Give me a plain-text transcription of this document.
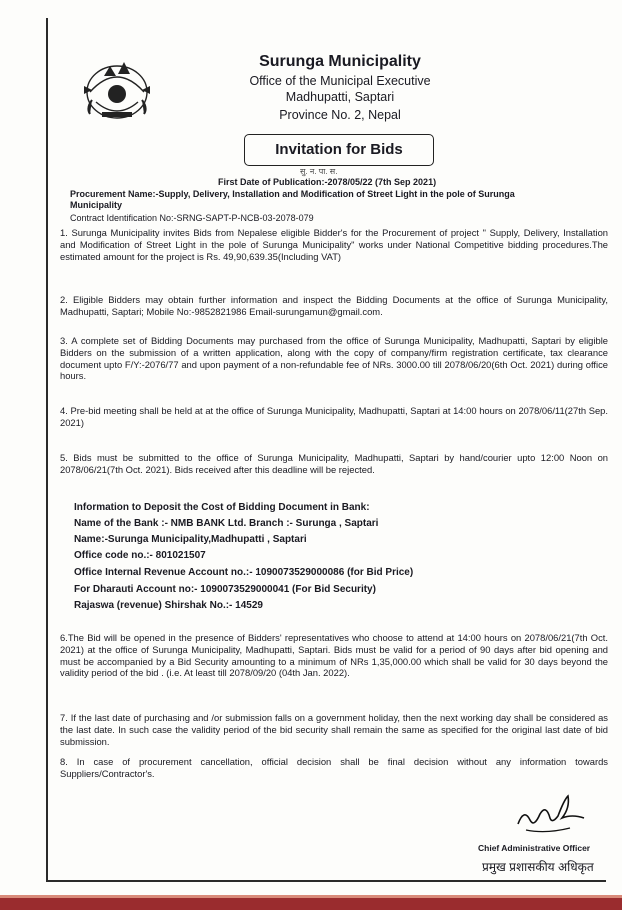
Surunga Municipality
Office of the Municipal Executive
Madhupatti, Saptari
Province No. 2, Nepal
Invitation for Bids
सु. न. पा. स.
First Date of Publication:-2078/05/22 (7th Sep 2021)
Procurement Name:-Supply, Delivery, Installation and Modification of Street Light in the pole of Surunga
Municipality
Contract Identification No:-SRNG-SAPT-P-NCB-03-2078-079
1. Surunga Municipality invites Bids from Nepalese eligible Bidder's for the Procurement of project " Supply, Delivery, Installation and Modification of Street Light in the pole of Surunga Municipality" works under National Competitive bidding procedures.The estimated amount for the project is Rs. 49,90,639.35(Including VAT)
2. Eligible Bidders may obtain further information and inspect the Bidding Documents at the office of Surunga Municipality, Madhupatti, Saptari; Mobile No:-9852821986 Email-surungamun@gmail.com.
3. A complete set of Bidding Documents may purchased from the office of Surunga Municipality, Madhupatti, Saptari by eligible Bidders on the submission of a written application, along with the copy of company/firm registration certificate, tax clearance document upto F/Y:-2076/77 and upon payment of a non-refundable fee of NRs. 3000.00 till 2078/06/20(6th Oct. 2021) during office hours.
4. Pre-bid meeting shall be held at at the office of Surunga Municipality, Madhupatti, Saptari at 14:00 hours on 2078/06/11(27th Sep. 2021)
5. Bids must be submitted to the office of Surunga Municipality, Madhupatti, Saptari by hand/courier upto 12:00 Noon on 2078/06/21(7th Oct. 2021). Bids received after this deadline will be rejected.
Information to Deposit the Cost of Bidding Document in Bank:
Name of the Bank :- NMB BANK Ltd. Branch :- Surunga , Saptari
Name:-Surunga Municipality,Madhupatti , Saptari
Office code no.:- 801021507
Office Internal Revenue Account no.:- 1090073529000086 (for Bid Price)
For Dharauti Account no:- 1090073529000041 (For Bid Security)
Rajaswa (revenue) Shirshak No.:- 14529
6.The Bid will be opened in the presence of Bidders' representatives who choose to attend at 14:00 hours on 2078/06/21(7th Oct. 2021) at the office of Surunga Municipality, Madhupatti, Saptari. Bids must be valid for a period of 90 days after bid opening and must be accompanied by a Bid Security amounting to a minimum of NRs 1,35,000.00 which shall be valid for 30 days beyond the validity period of the bid . (i.e. At least till 2078/09/20 (04th Jan. 2022).
7. If the last date of purchasing and /or submission falls on a government holiday, then the next working day shall be considered as the last date. In such case the validity period of the bid security shall remain the same as specified for the original last date of bid submission.
8. In case of procurement cancellation, official decision shall be final decision without any information towards Suppliers/Contractor's.
Chief Administrative Officer
प्रमुख प्रशासकीय अधिकृत
